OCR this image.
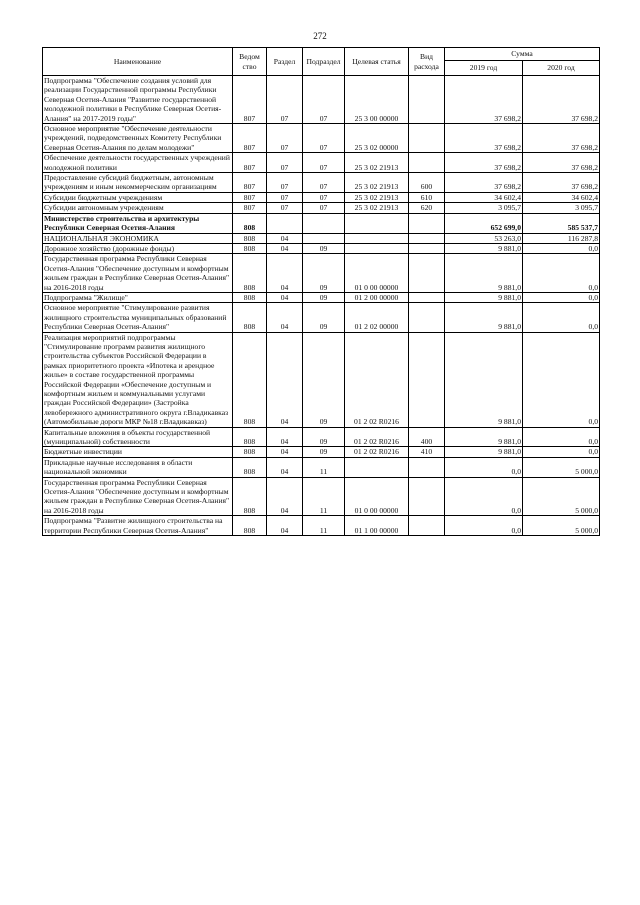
272
Наименование	Ведом ство	Раздел	Подраздел	Целевая статья	Вид расхода	Сумма	
						2019 год	2020 год
Подпрограмма "Обеспечение создания условий для реализации Государственной программы Республики Северная Осетия-Алания "Развитие государственной молодежной политики в Республике Северная Осетия-Алания" на 2017-2019 годы"	807	07	07	25 3 00 00000		37 698,2	37 698,2
Основное мероприятие "Обеспечение деятельности учреждений, подведомственных Комитету Республики Северная Осетия-Алания по делам молодежи"	807	07	07	25 3 02 00000		37 698,2	37 698,2
Обеспечение деятельности государственных учреждений молодежной политики	807	07	07	25 3 02 21913		37 698,2	37 698,2
Предоставление субсидий бюджетным, автономным учреждениям и иным некоммерческим организациям	807	07	07	25 3 02 21913	600	37 698,2	37 698,2
Субсидии бюджетным учреждениям	807	07	07	25 3 02 21913	610	34 602,4	34 602,4
Субсидии автономным учреждениям	807	07	07	25 3 02 21913	620	3 095,7	3 095,7
Министерство строительства и архитектуры Республики Северная Осетия-Алания	808					652 699,0	585 537,7
НАЦИОНАЛЬНАЯ ЭКОНОМИКА	808	04				53 263,0	116 287,8
Дорожное хозяйство (дорожные фонды)	808	04	09			9 881,0	0,0
Государственная программа Республики Северная Осетия-Алания "Обеспечение доступным и комфортным жильем граждан в Республике Северная Осетия-Алания" на 2016-2018 годы	808	04	09	01 0 00 00000		9 881,0	0,0
Подпрограмма "Жилище"	808	04	09	01 2 00 00000		9 881,0	0,0
Основное мероприятие "Стимулирование развития жилищного строительства муниципальных образований Республики Северная Осетия-Алания"	808	04	09	01 2 02 00000		9 881,0	0,0
Реализация мероприятий подпрограммы "Стимулирование программ развития жилищного строительства субъектов Российской Федерации в рамках приоритетного проекта «Ипотека и арендное жилье» в составе государственной программы Российской Федерации «Обеспечение доступным и комфортным жильем и коммунальными услугами граждан Российской Федерации» (Застройка левобережного административного округа г.Владикавказ (Автомобильные дороги МКР №18 г.Владикавказ)	808	04	09	01 2 02 R0216		9 881,0	0,0
Капитальные вложения в объекты государственной (муниципальной) собственности	808	04	09	01 2 02 R0216	400	9 881,0	0,0
Бюджетные инвестиции	808	04	09	01 2 02 R0216	410	9 881,0	0,0
Прикладные научные исследования в области национальной экономики	808	04	11			0,0	5 000,0
Государственная программа Республики Северная Осетия-Алания "Обеспечение доступным и комфортным жильем граждан в Республике Северная Осетия-Алания" на 2016-2018 годы	808	04	11	01 0 00 00000		0,0	5 000,0
Подпрограмма "Развитие жилищного строительства на территории Республики Северная Осетия-Алания"	808	04	11	01 1 00 00000		0,0	5 000,0
